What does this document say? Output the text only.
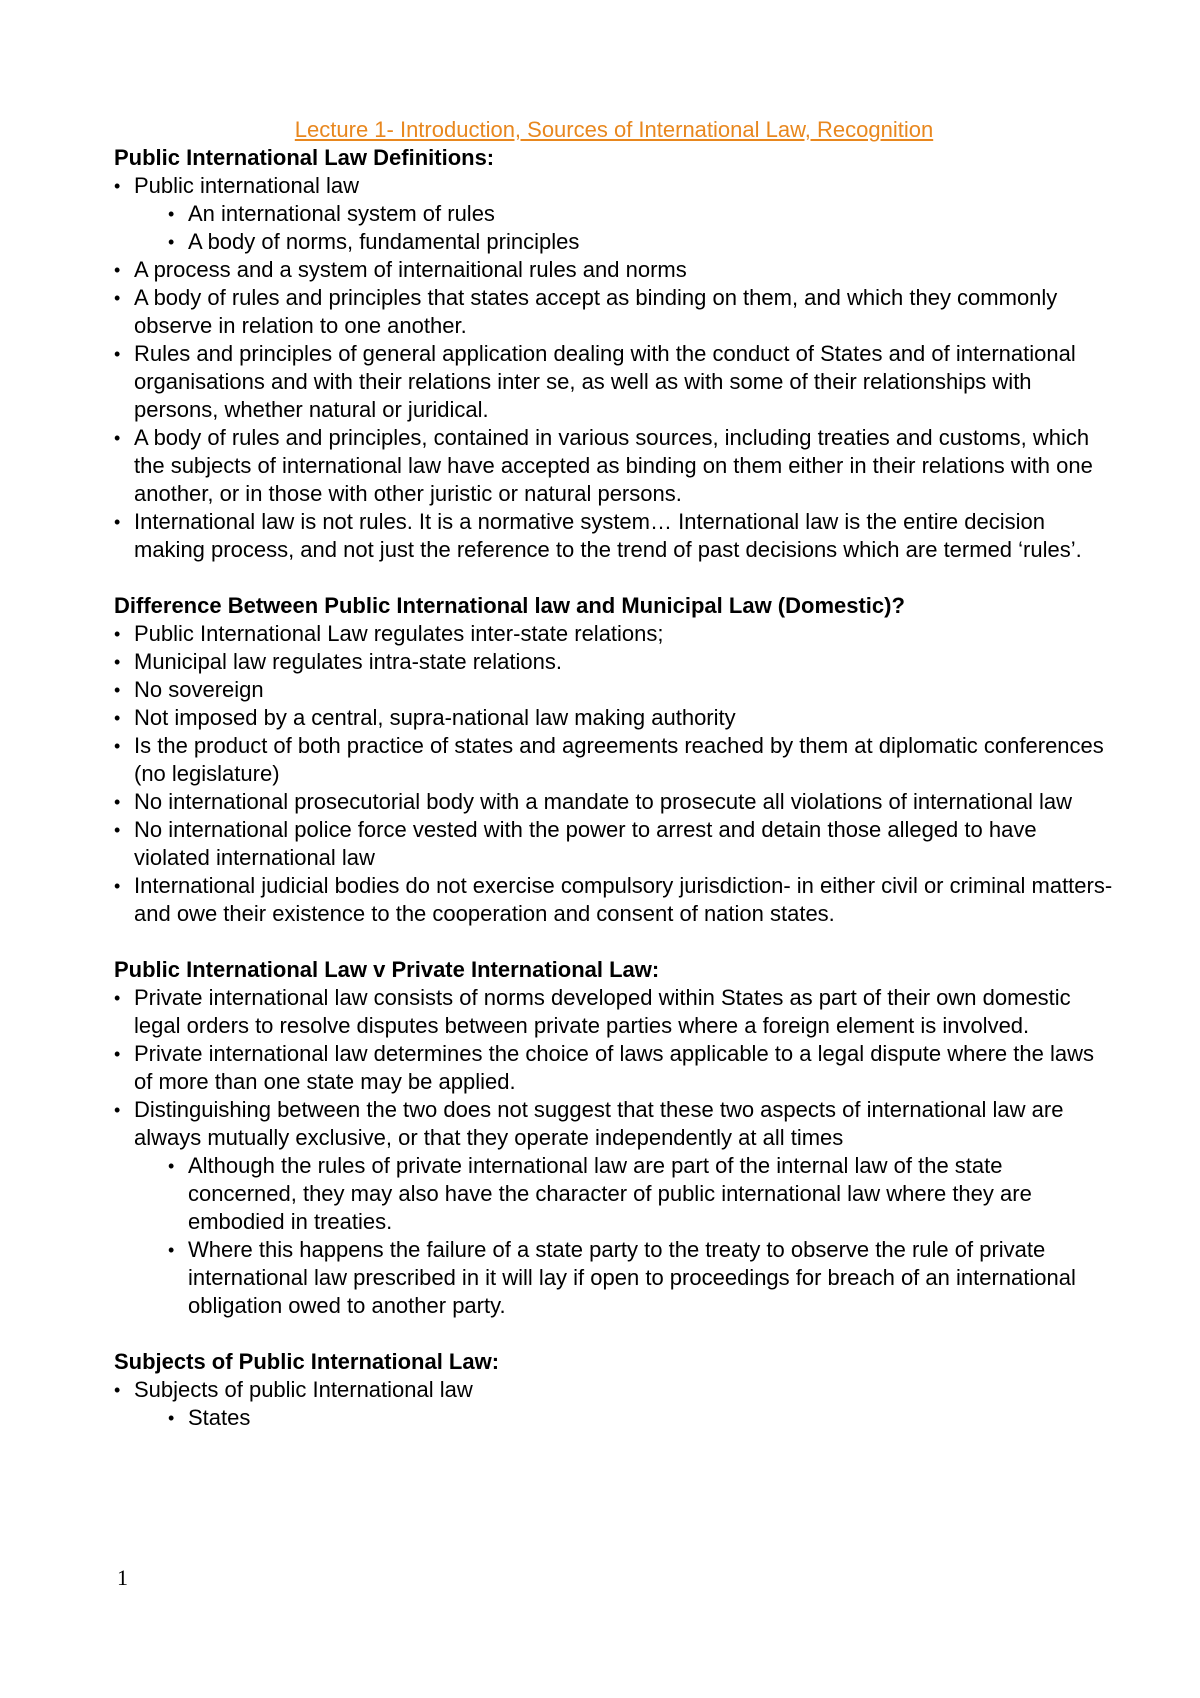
Lecture 1- Introduction, Sources of International Law, Recognition
Public International Law Definitions:
• Public international law
• An international system of rules
• A body of norms, fundamental principles
• A process and a system of internaitional rules and norms
• A body of rules and principles that states accept as binding on them, and which they commonly observe in relation to one another.
• Rules and principles of general application dealing with the conduct of States and of international organisations and with their relations inter se, as well as with some of their relationships with persons, whether natural or juridical.
• A body of rules and principles, contained in various sources, including treaties and customs, which the subjects of international law have accepted as binding on them either in their relations with one another, or in those with other juristic or natural persons.
• International law is not rules. It is a normative system… International law is the entire decision making process, and not just the reference to the trend of past decisions which are termed ‘rules’.
Difference Between Public International law and Municipal Law (Domestic)?
• Public International Law regulates inter-state relations;
• Municipal law regulates intra-state relations.
• No sovereign
• Not imposed by a central, supra-national law making authority
• Is the product of both practice of states and agreements reached by them at diplomatic conferences (no legislature)
• No international prosecutorial body with a mandate to prosecute all violations of international law
• No international police force vested with the power to arrest and detain those alleged to have violated international law
• International judicial bodies do not exercise compulsory jurisdiction- in either civil or criminal matters- and owe their existence to the cooperation and consent of nation states.
Public International Law v Private International Law:
• Private international law consists of norms developed within States as part of their own domestic legal orders to resolve disputes between private parties where a foreign element is involved.
• Private international law determines the choice of laws applicable to a legal dispute where the laws of more than one state may be applied.
• Distinguishing between the two does not suggest that these two aspects of international law are always mutually exclusive, or that they operate independently at all times
• Although the rules of private international law are part of the internal law of the state concerned, they may also have the character of public international law where they are embodied in treaties.
• Where this happens the failure of a state party to the treaty to observe the rule of private international law prescribed in it will lay if open to proceedings for breach of an international obligation owed to another party.
Subjects of Public International Law:
• Subjects of public International law
• States
1
